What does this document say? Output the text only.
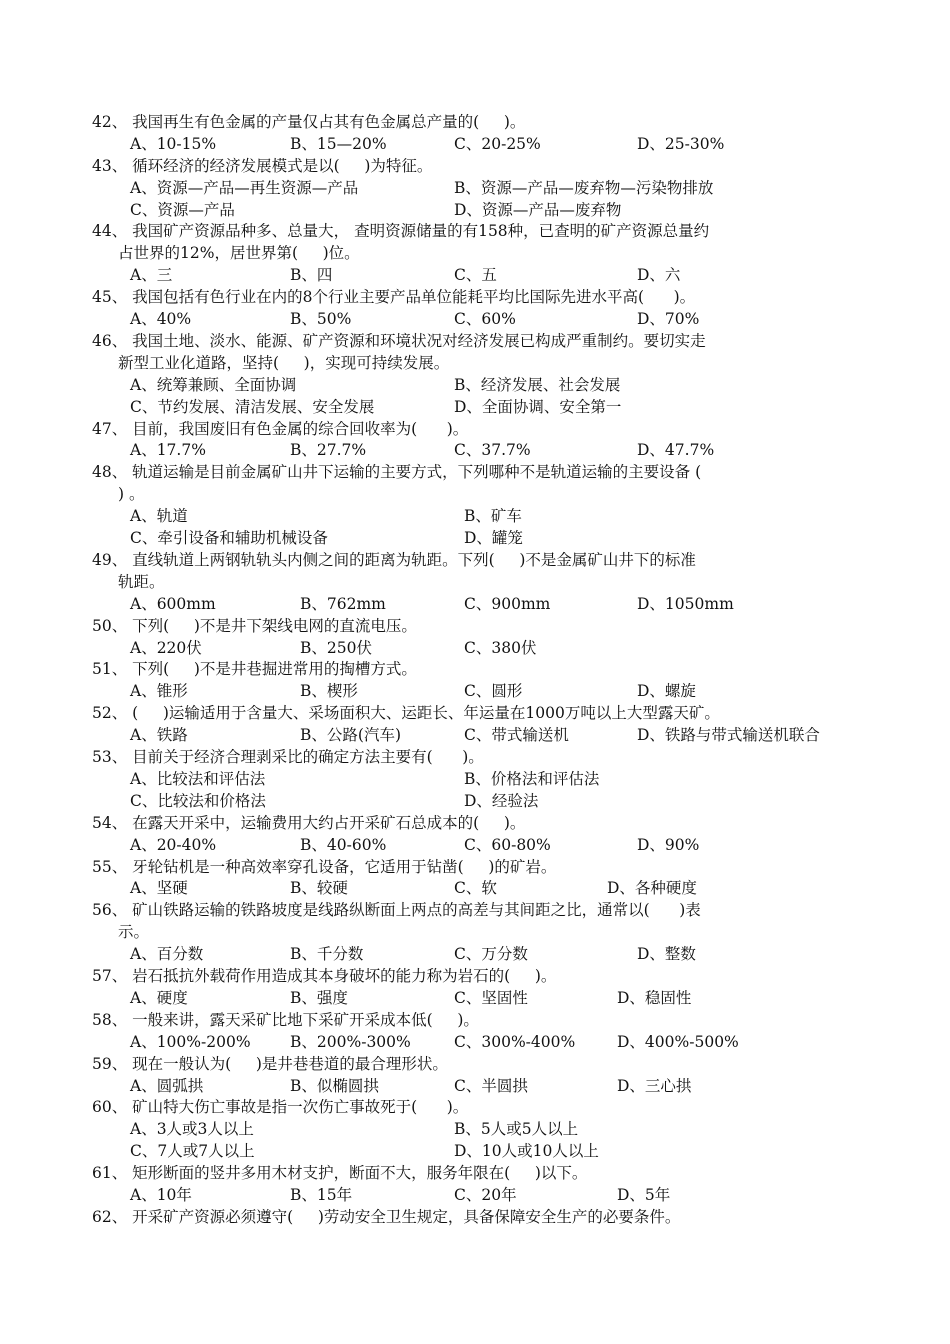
42、 我国再生有色金属的产量仅占其有色金属总产量的(     )。
A、10-15%	B、15—20%	C、20-25%	D、25-30%
43、 循环经济的经济发展模式是以(     )为特征。
A、资源—产品—再生资源—产品	B、资源—产品—废弃物—污染物排放
C、资源—产品	D、资源—产品—废弃物
44、 我国矿产资源品种多、总量大， 查明资源储量的有158种，已查明的矿产资源总量约
占世界的12%，居世界第(     )位。
A、三	B、四	C、五	D、六
45、 我国包括有色行业在内的8个行业主要产品单位能耗平均比国际先进水平高(      )。
A、40%	B、50%	C、60%	D、70%
46、 我国土地、淡水、能源、矿产资源和环境状况对经济发展已构成严重制约。要切实走
新型工业化道路，坚持(     )，实现可持续发展。
A、统筹兼顾、全面协调	B、经济发展、社会发展
C、节约发展、清洁发展、安全发展	D、全面协调、安全第一
47、 目前，我国废旧有色金属的综合回收率为(      )。
A、17.7%	B、27.7%	C、37.7%	D、47.7%
48、 轨道运输是目前金属矿山井下运输的主要方式，下列哪种不是轨道运输的主要设备 (
) 。
A、轨道	B、矿车
C、牵引设备和辅助机械设备	D、罐笼
49、 直线轨道上两钢轨轨头内侧之间的距离为轨距。下列(     )不是金属矿山井下的标准
轨距。
A、600mm	B、762mm	C、900mm	D、1050mm
50、 下列(     )不是井下架线电网的直流电压。
A、220伏	B、250伏	C、380伏
51、 下列(     )不是井巷掘进常用的掏槽方式。
A、锥形	B、楔形	C、圆形	D、螺旋
52、 (     )运输适用于含量大、采场面积大、运距长、年运量在1000万吨以上大型露天矿。
A、铁路	B、公路(汽车)	C、带式输送机	D、铁路与带式输送机联合
53、 目前关于经济合理剥采比的确定方法主要有(      )。
A、比较法和评估法	B、价格法和评估法
C、比较法和价格法	D、经验法
54、 在露天开采中，运输费用大约占开采矿石总成本的(     )。
A、20-40%	B、40-60%	C、60-80%	D、90%
55、 牙轮钻机是一种高效率穿孔设备，它适用于钻凿(     )的矿岩。
A、坚硬	B、较硬	C、软	D、各种硬度
56、 矿山铁路运输的铁路坡度是线路纵断面上两点的高差与其间距之比，通常以(      )表
示。
A、百分数	B、千分数	C、万分数	D、整数
57、 岩石抵抗外载荷作用造成其本身破坏的能力称为岩石的(     )。
A、硬度	B、强度	C、坚固性	D、稳固性
58、 一般来讲，露天采矿比地下采矿开采成本低(     )。
A、100%-200%	B、200%-300%	C、300%-400%	D、400%-500%
59、 现在一般认为(     )是井巷巷道的最合理形状。
A、圆弧拱	B、似椭圆拱	C、半圆拱	D、三心拱
60、 矿山特大伤亡事故是指一次伤亡事故死于(      )。
A、3人或3人以上	B、5人或5人以上
C、7人或7人以上	D、10人或10人以上
61、 矩形断面的竖井多用木材支护，断面不大，服务年限在(     )以下。
A、10年	B、15年	C、20年	D、5年
62、 开采矿产资源必须遵守(     )劳动安全卫生规定，具备保障安全生产的必要条件。
